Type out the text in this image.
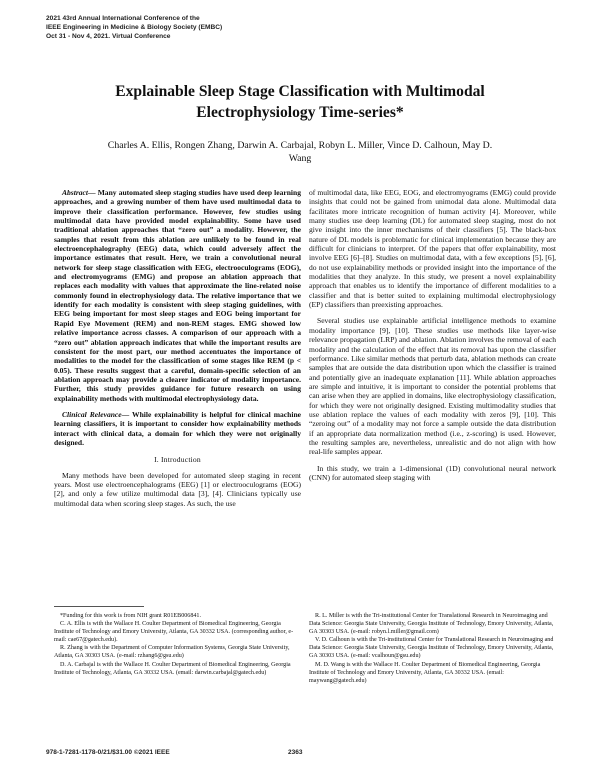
2021 43rd Annual International Conference of the
IEEE Engineering in Medicine & Biology Society (EMBC)
Oct 31 - Nov 4, 2021. Virtual Conference
Explainable Sleep Stage Classification with Multimodal
Electrophysiology Time-series*
Charles A. Ellis, Rongen Zhang, Darwin A. Carbajal, Robyn L. Miller, Vince D. Calhoun, May D. Wang

Abstract— Many automated sleep staging studies have used deep learning approaches, and a growing number of them have used multimodal data to improve their classification performance. However, few studies using multimodal data have provided model explainability. Some have used traditional ablation approaches that “zero out” a modality. However, the samples that result from this ablation are unlikely to be found in real electroencephalography (EEG) data, which could adversely affect the importance estimates that result. Here, we train a convolutional neural network for sleep stage classification with EEG, electrooculograms (EOG), and electromyograms (EMG) and propose an ablation approach that replaces each modality with values that approximate the line-related noise commonly found in electrophysiology data. The relative importance that we identify for each modality is consistent with sleep staging guidelines, with EEG being important for most sleep stages and EOG being important for Rapid Eye Movement (REM) and non-REM stages. EMG showed low relative importance across classes. A comparison of our approach with a “zero out” ablation approach indicates that while the important results are consistent for the most part, our method accentuates the importance of modalities to the model for the classification of some stages like REM (p < 0.05). These results suggest that a careful, domain-specific selection of an ablation approach may provide a clearer indicator of modality importance. Further, this study provides guidance for future research on using explainability methods with multimodal electrophysiology data.

Clinical Relevance— While explainability is helpful for clinical machine learning classifiers, it is important to consider how explainability methods interact with clinical data, a domain for which they were not originally designed.

I. Introduction

Many methods have been developed for automated sleep staging in recent years. Most use electroencephalograms (EEG) [1] or electrooculograms (EOG) [2], and only a few utilize multimodal data [3], [4]. Clinicians typically use multimodal data when scoring sleep stages. As such, the use

of multimodal data, like EEG, EOG, and electromyograms (EMG) could provide insights that could not be gained from unimodal data alone. Multimodal data facilitates more intricate recognition of human activity [4]. Moreover, while many studies use deep learning (DL) for automated sleep staging, most do not give insight into the inner mechanisms of their classifiers [5]. The black-box nature of DL models is problematic for clinical implementation because they are difficult for clinicians to interpret. Of the papers that offer explainability, most involve EEG [6]–[8]. Studies on multimodal data, with a few exceptions [5], [6], do not use explainability methods or provided insight into the importance of the modalities that they analyze. In this study, we present a novel explainability approach that enables us to identify the importance of different modalities to a classifier and that is better suited to explaining multimodal electrophysiology (EP) classifiers than preexisting approaches.

Several studies use explainable artificial intelligence methods to examine modality importance [9], [10]. These studies use methods like layer-wise relevance propagation (LRP) and ablation. Ablation involves the removal of each modality and the calculation of the effect that its removal has upon the classifier performance. Like similar methods that perturb data, ablation methods can create samples that are outside the data distribution upon which the classifier is trained and potentially give an inadequate explanation [11]. While ablation approaches are simple and intuitive, it is important to consider the potential problems that can arise when they are applied in domains, like electrophysiology classification, for which they were not originally designed. Existing multimodality studies that use ablation replace the values of each modality with zeros [9], [10]. This “zeroing out” of a modality may not force a sample outside the data distribution if an appropriate data normalization method (i.e., z-scoring) is used. However, the resulting samples are, nevertheless, unrealistic and do not align with how real-life samples appear.

In this study, we train a 1-dimensional (1D) convolutional neural network (CNN) for automated sleep staging with

*Funding for this work is from NIH grant R01EB006841.

C. A. Ellis is with the Wallace H. Coulter Department of Biomedical Engineering, Georgia Institute of Technology and Emory University, Atlanta, GA 30332 USA. (corresponding author, e-mail: cae67@gatech.edu).

R. Zhang is with the Department of Computer Information Systems, Georgia State University, Atlanta, GA 30303 USA. (e-mail: rzhang6@gsu.edu)

D. A. Carbajal is with the Wallace H. Coulter Department of Biomedical Engineering, Georgia Institute of Technology, Atlanta, GA 30332 USA. (email: darwin.carbajal@gatech.edu)

R. L. Miller is with the Tri-institutional Center for Translational Research in Neuroimaging and Data Science: Georgia State University, Georgia Institute of Technology, Emory University, Atlanta, GA 30303 USA. (e-mail: robyn.l.miller@gmail.com)

V. D. Calhoun is with the Tri-institutional Center for Translational Research in Neuroimaging and Data Science: Georgia State University, Georgia Institute of Technology, Emory University, Atlanta, GA 30303 USA. (e-mail: vcalhoun@gsu.edu)

M. D. Wang is with the Wallace H. Coulter Department of Biomedical Engineering, Georgia Institute of Technology and Emory University, Atlanta, GA 30332 USA. (email: maywang@gatech.edu)

978-1-7281-1178-0/21/$31.00 ©2021 IEEE	2363
